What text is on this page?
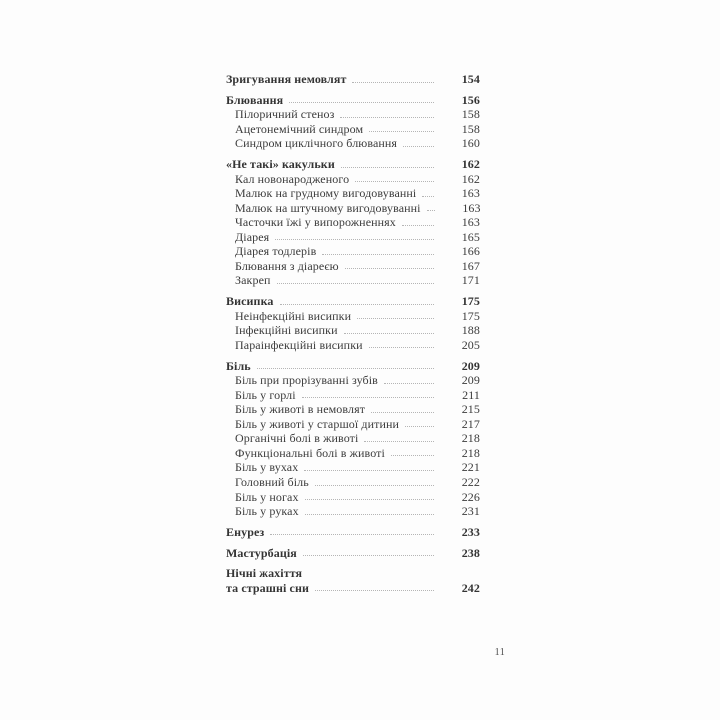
Зригування немовлят	154
Блювання	156
Пілоричний стеноз	158
Ацетонемічний синдром	158
Синдром циклічного блювання	160
«Не такі» какульки	162
Кал новонародженого	162
Малюк на грудному вигодовуванні	163
Малюк на штучному вигодовуванні	163
Часточки їжі у випорожненнях	163
Діарея	165
Діарея тодлерів	166
Блювання з діареєю	167
Закреп	171
Висипка	175
Неінфекційні висипки	175
Інфекційні висипки	188
Параінфекційні висипки	205
Біль	209
Біль при прорізуванні зубів	209
Біль у горлі	211
Біль у животі в немовлят	215
Біль у животі у старшої дитини	217
Органічні болі в животі	218
Функціональні болі в животі	218
Біль у вухах	221
Головний біль	222
Біль у ногах	226
Біль у руках	231
Енурез	233
Мастурбація	238
Нічні жахіття
та страшні сни	242
11
